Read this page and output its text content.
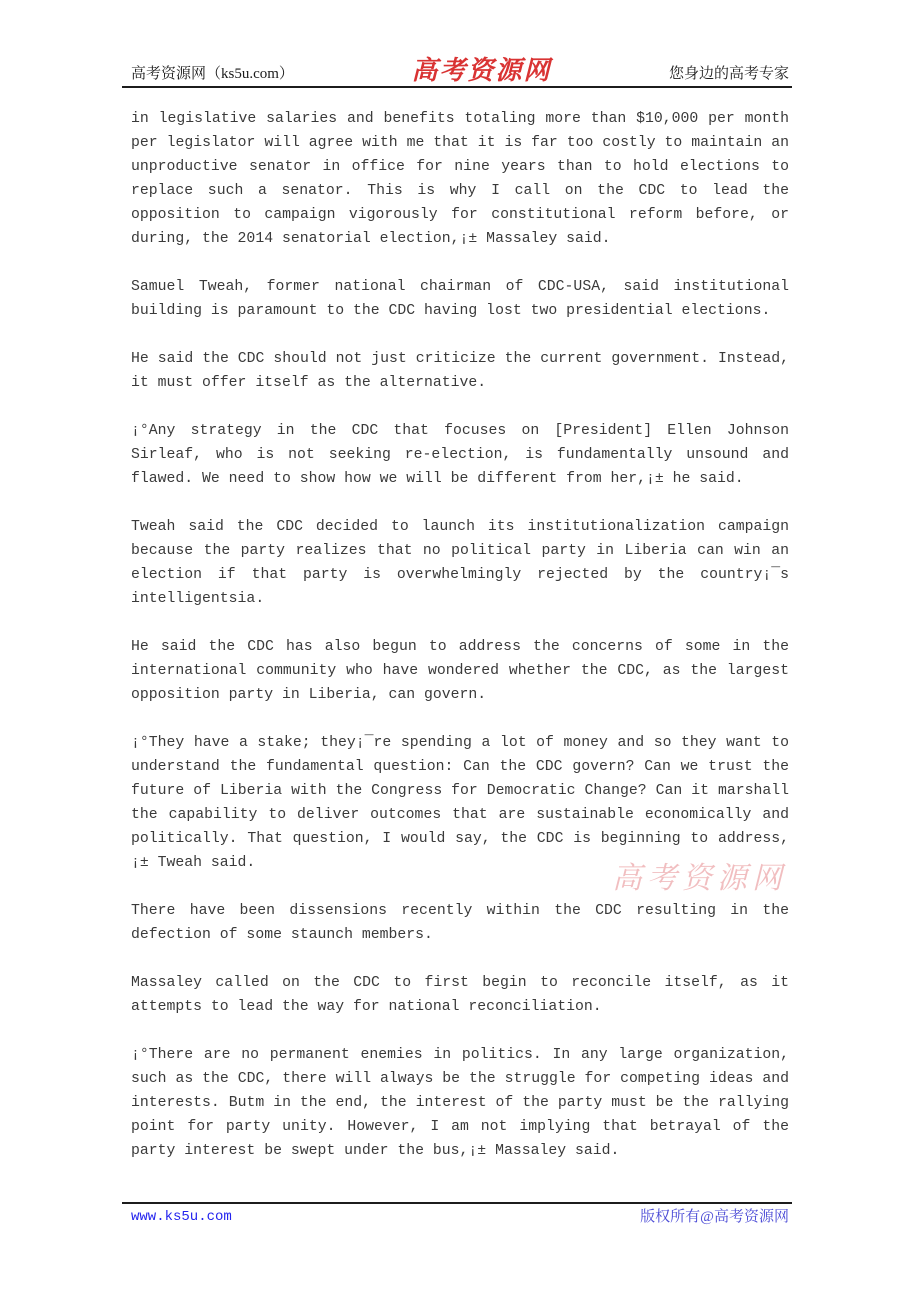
高考资源网（ks5u.com）	高考资源网	您身边的高考专家

in legislative salaries and benefits totaling more than $10,000 per month per legislator will agree with me that it is far too costly to maintain an unproductive senator in office for nine years than to hold elections to replace such a senator. This is why I call on the CDC to lead the opposition to campaign vigorously for constitutional reform before, or during, the 2014 senatorial election,¡± Massaley said.

Samuel Tweah, former national chairman of CDC-USA, said institutional building is paramount to the CDC having lost two presidential elections.

He said the CDC should not just criticize the current government. Instead, it must offer itself as the alternative.

¡°Any strategy in the CDC that focuses on [President] Ellen Johnson Sirleaf, who is not seeking re-election, is fundamentally unsound and flawed. We need to show how we will be different from her,¡± he said.

Tweah said the CDC decided to launch its institutionalization campaign because the party realizes that no political party in Liberia can win an election if that party is overwhelmingly rejected by the country¡¯s intelligentsia.

He said the CDC has also begun to address the concerns of some in the international community who have wondered whether the CDC, as the largest opposition party in Liberia, can govern.

¡°They have a stake; they¡¯re spending a lot of money and so they want to understand the fundamental question: Can the CDC govern? Can we trust the future of Liberia with the Congress for Democratic Change? Can it marshall the capability to deliver outcomes that are sustainable economically and politically. That question, I would say, the CDC is beginning to address,¡± Tweah said.

There have been dissensions recently within the CDC resulting in the defection of some staunch members.

Massaley called on the CDC to first begin to reconcile itself, as it attempts to lead the way for national reconciliation.

¡°There are no permanent enemies in politics. In any large organization, such as the CDC, there will always be the struggle for competing ideas and interests. Butm in the end, the interest of the party must be the rallying point for party unity. However, I am not implying that betrayal of the party interest be swept under the bus,¡± Massaley said.

高考资源网
www.ks5u.com	版权所有@高考资源网
